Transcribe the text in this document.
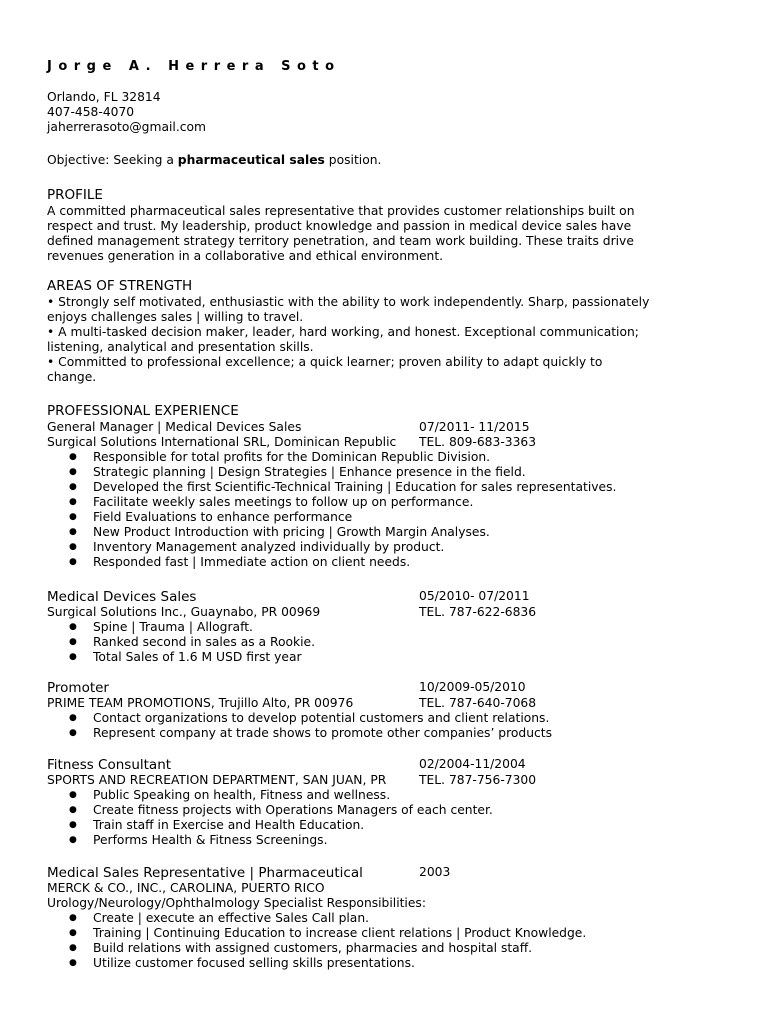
Jorge A. Herrera Soto
Orlando, FL 32814
407-458-4070
jaherrerasoto@gmail.com
Objective: Seeking a pharmaceutical sales position.
PROFILE
A committed pharmaceutical sales representative that provides customer relationships built on
respect and trust. My leadership, product knowledge and passion in medical device sales have
defined management strategy territory penetration, and team work building. These traits drive
revenues generation in a collaborative and ethical environment.
AREAS OF STRENGTH
• Strongly self motivated, enthusiastic with the ability to work independently. Sharp, passionately
enjoys challenges sales | willing to travel.
• A multi-tasked decision maker, leader, hard working, and honest. Exceptional communication;
listening, analytical and presentation skills.
• Committed to professional excellence; a quick learner; proven ability to adapt quickly to
change.
PROFESSIONAL EXPERIENCE
General Manager | Medical Devices Sales	07/2011- 11/2015
Surgical Solutions International SRL, Dominican Republic TEL. 809-683-3363
● Responsible for total profits for the Dominican Republic Division.
● Strategic planning | Design Strategies | Enhance presence in the field.
● Developed the first Scientific-Technical Training | Education for sales representatives.
● Facilitate weekly sales meetings to follow up on performance.
● Field Evaluations to enhance performance
● New Product Introduction with pricing | Growth Margin Analyses.
● Inventory Management analyzed individually by product.
● Responded fast | Immediate action on client needs.
Medical Devices Sales	05/2010- 07/2011
Surgical Solutions Inc., Guaynabo, PR 00969	TEL. 787-622-6836
● Spine | Trauma | Allograft.
● Ranked second in sales as a Rookie.
● Total Sales of 1.6 M USD first year
Promoter	10/2009-05/2010
PRIME TEAM PROMOTIONS, Trujillo Alto, PR 00976	TEL. 787-640-7068
● Contact organizations to develop potential customers and client relations.
● Represent company at trade shows to promote other companies’ products
Fitness Consultant	02/2004-11/2004
SPORTS AND RECREATION DEPARTMENT, SAN JUAN, PR	TEL. 787-756-7300
● Public Speaking on health, Fitness and wellness.
● Create fitness projects with Operations Managers of each center.
● Train staff in Exercise and Health Education.
● Performs Health & Fitness Screenings.
Medical Sales Representative | Pharmaceutical	2003
MERCK & CO., INC., CAROLINA, PUERTO RICO
Urology/Neurology/Ophthalmology Specialist Responsibilities:
● Create | execute an effective Sales Call plan.
● Training | Continuing Education to increase client relations | Product Knowledge.
● Build relations with assigned customers, pharmacies and hospital staff.
● Utilize customer focused selling skills presentations.
